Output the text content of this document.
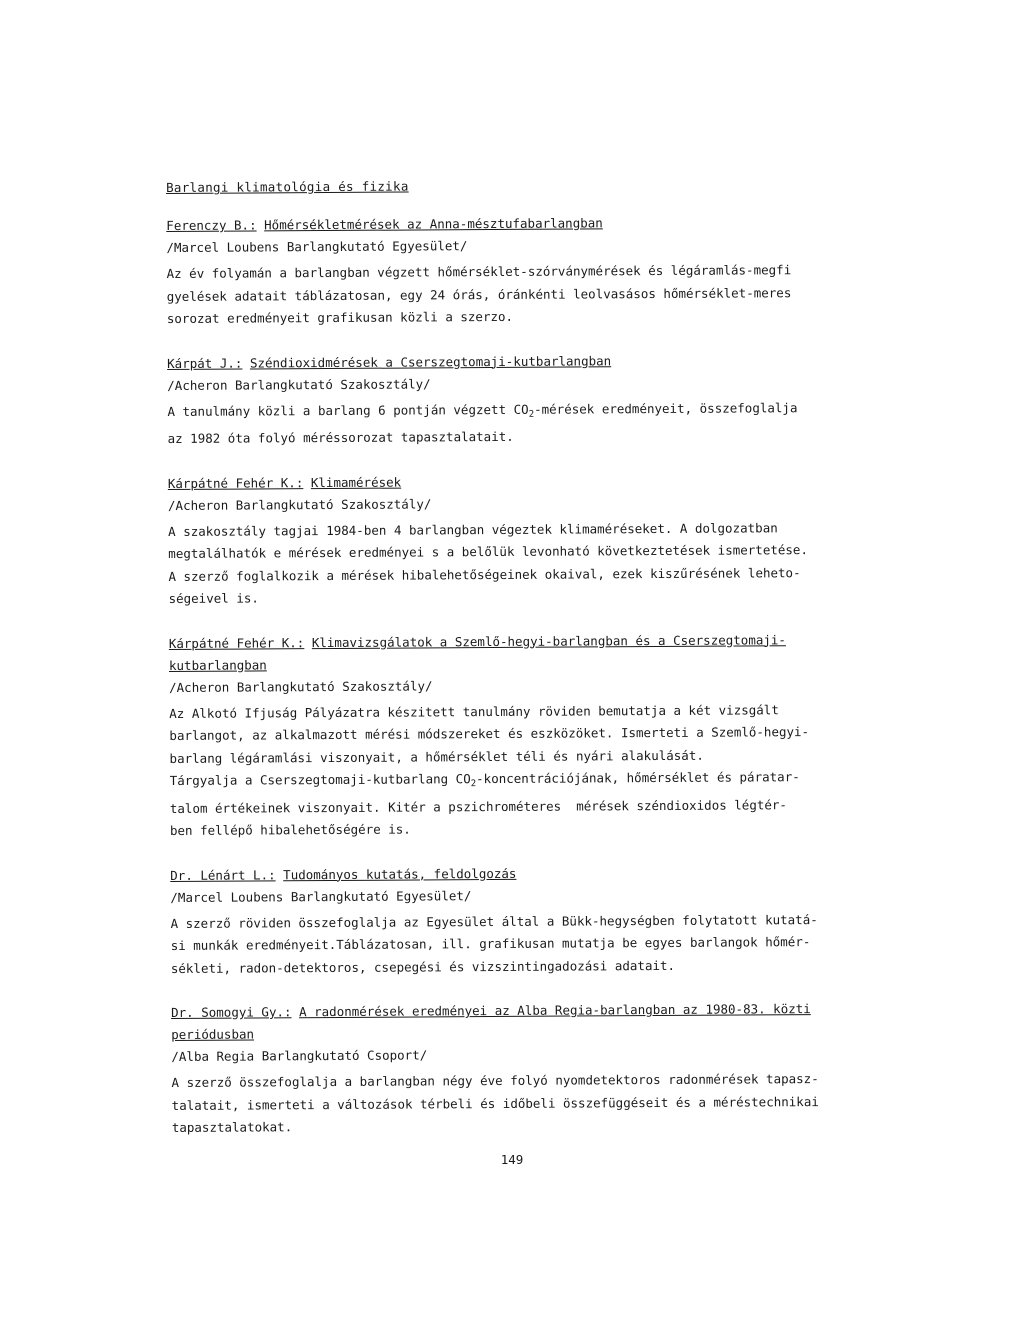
Barlangi klimatológia és fizika
Ferenczy B.: Hőmérsékletmérések az Anna-mésztufabarlangban
/Marcel Loubens Barlangkutató Egyesület/
Az év folyamán a barlangban végzett hőmérséklet-szórványmérések és légáramlás-megfi
gyelések adatait táblázatosan, egy 24 órás, óránkénti leolvasásos hőmérséklet-meres
sorozat eredményeit grafikusan közli a szerzo.
Kárpát J.: Széndioxidmérések a Cserszegtomaji-kutbarlangban
/Acheron Barlangkutató Szakosztály/
A tanulmány közli a barlang 6 pontján végzett $CO_2$-mérések eredményeit, összefoglalja
az 1982 óta folyó méréssorozat tapasztalatait.
Kárpátné Fehér K.: Klimamérések
/Acheron Barlangkutató Szakosztály/
A szakosztály tagjai 1984-ben 4 barlangban végeztek klimaméréseket. A dolgozatban
megtalálhatók e mérések eredményei s a belőlük levonható következtetések ismertetése.
A szerző foglalkozik a mérések hibalehetőségeinek okaival, ezek kiszűrésének leheto-
ségeivel is.
Kárpátné Fehér K.: Klimavizsgálatok a Szemlő-hegyi-barlangban és a Cserszegtomaji-
kutbarlangban
/Acheron Barlangkutató Szakosztály/
Az Alkotó Ifjuság Pályázatra készitett tanulmány röviden bemutatja a két vizsgált
barlangot, az alkalmazott mérési módszereket és eszközöket. Ismerteti a Szemlő-hegyi-
barlang légáramlási viszonyait, a hőmérséklet téli és nyári alakulását.
Tárgyalja a Cserszegtomaji-kutbarlang $CO_2$-koncentrációjának, hőmérséklet és páratar-
talom értékeinek viszonyait. Kitér a pszichrométeres  mérések széndioxidos légtér-
ben fellépő hibalehetőségére is.
Dr. Lénárt L.: Tudományos kutatás, feldolgozás
/Marcel Loubens Barlangkutató Egyesület/
A szerző röviden összefoglalja az Egyesület által a Bükk-hegységben folytatott kutatá-
si munkák eredményeit.Táblázatosan, ill. grafikusan mutatja be egyes barlangok hőmér-
sékleti, radon-detektoros, csepegési és vizszintingadozási adatait.
Dr. Somogyi Gy.: A radonmérések eredményei az Alba Regia-barlangban az 1980-83. közti
periódusban
/Alba Regia Barlangkutató Csoport/
A szerző összefoglalja a barlangban négy éve folyó nyomdetektoros radonmérések tapasz-
talatait, ismerteti a változások térbeli és időbeli összefüggéseit és a méréstechnikai
tapasztalatokat.
149
